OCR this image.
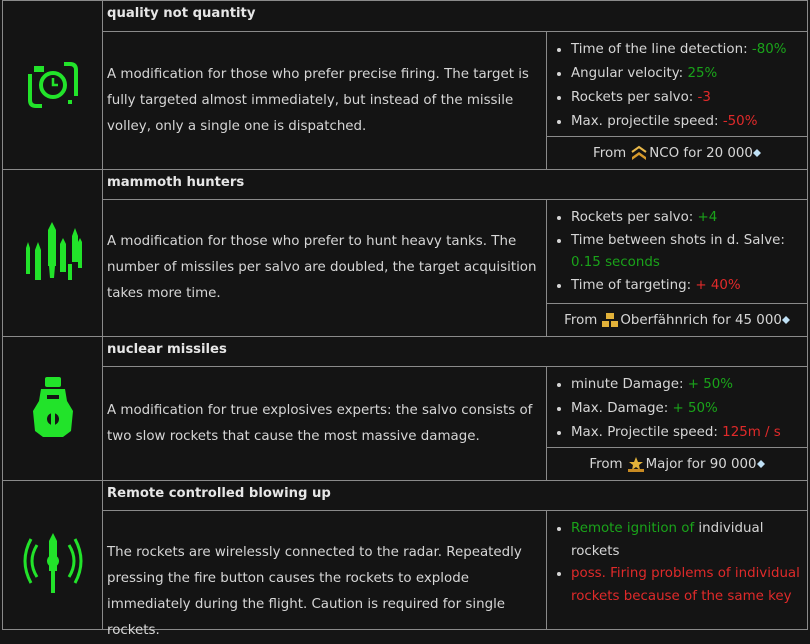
quality not quantity
A modification for those who prefer precise firing. The target is fully targeted almost immediately, but instead of the missile volley, only a single one is dispatched.
• Time of the line detection: -80%
• Angular velocity: 25%
• Rockets per salvo: -3
• Max. projectile speed: -50%
From NCO
for 20 000
mammoth hunters
A modification for those who prefer to hunt heavy tanks. The number of missiles per salvo are doubled, the target acquisition takes more time.
• Rockets per salvo: +4
• Time between shots in d. Salve:
0.15 seconds
• Time of targeting: + 40%
From Oberfähnrich
for 45 000
nuclear missiles
A modification for true explosives experts: the salvo consists of two slow rockets that cause the most massive damage.
• minute Damage: + 50%
• Max. Damage: + 50%
• Max. Projectile speed: 125m / s
From Major
for 90 000
Remote controlled blowing up
The rockets are wirelessly connected to the radar. Repeatedly pressing the fire button causes the rockets to explode immediately during the flight. Caution is required for single rockets.
• Remote ignition of individual rockets
• poss. Firing problems of individual rockets because of the same key
